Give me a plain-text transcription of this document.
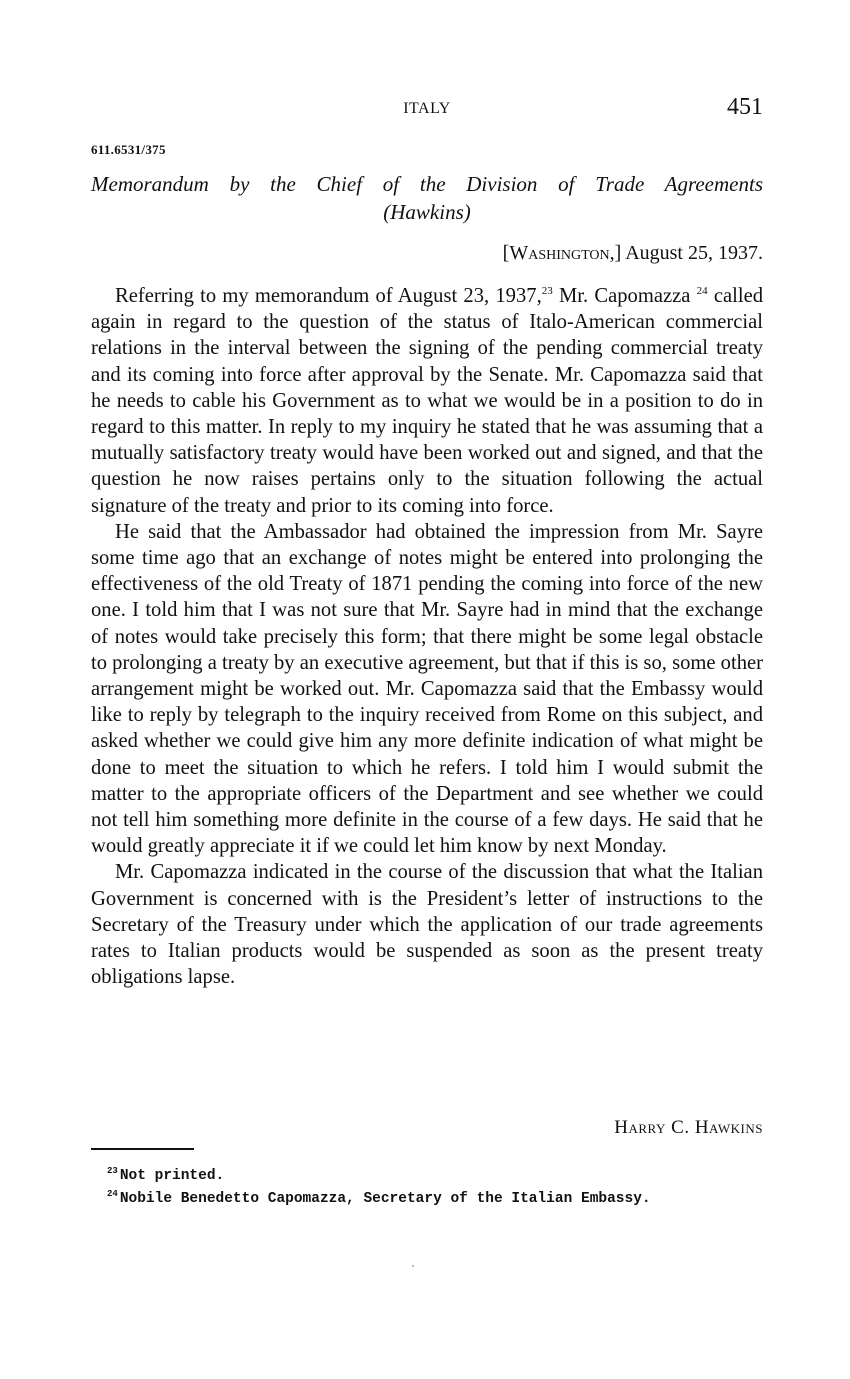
ITALY	451
611.6531/375
Memorandum by the Chief of the Division of Trade Agreements
(Hawkins)
[Washington,] August 25, 1937.

Referring to my memorandum of August 23, 1937,23 Mr. Capomazza $^{24}$ called again in regard to the question of the status of Italo-American commercial relations in the interval between the signing of the pending commercial treaty and its coming into force after approval by the Senate. Mr. Capomazza said that he needs to cable his Government as to what we would be in a position to do in regard to this matter. In reply to my inquiry he stated that he was assuming that a mutually satisfactory treaty would have been worked out and signed, and that the question he now raises pertains only to the situation following the actual signature of the treaty and prior to its coming into force.

He said that the Ambassador had obtained the impression from Mr. Sayre some time ago that an exchange of notes might be entered into prolonging the effectiveness of the old Treaty of 1871 pending the coming into force of the new one. I told him that I was not sure that Mr. Sayre had in mind that the exchange of notes would take precisely this form; that there might be some legal obstacle to prolonging a treaty by an executive agreement, but that if this is so, some other arrangement might be worked out. Mr. Capomazza said that the Embassy would like to reply by telegraph to the inquiry received from Rome on this subject, and asked whether we could give him any more definite indication of what might be done to meet the situation to which he refers. I told him I would submit the matter to the appropriate officers of the Department and see whether we could not tell him something more definite in the course of a few days. He said that he would greatly appreciate it if we could let him know by next Monday.

Mr. Capomazza indicated in the course of the discussion that what the Italian Government is concerned with is the President’s letter of instructions to the Secretary of the Treasury under which the application of our trade agreements rates to Italian products would be suspended as soon as the present treaty obligations lapse.

Harry C. Hawkins
$^{23}$ Not printed.
$^{24}$ Nobile Benedetto Capomazza, Secretary of the Italian Embassy.
